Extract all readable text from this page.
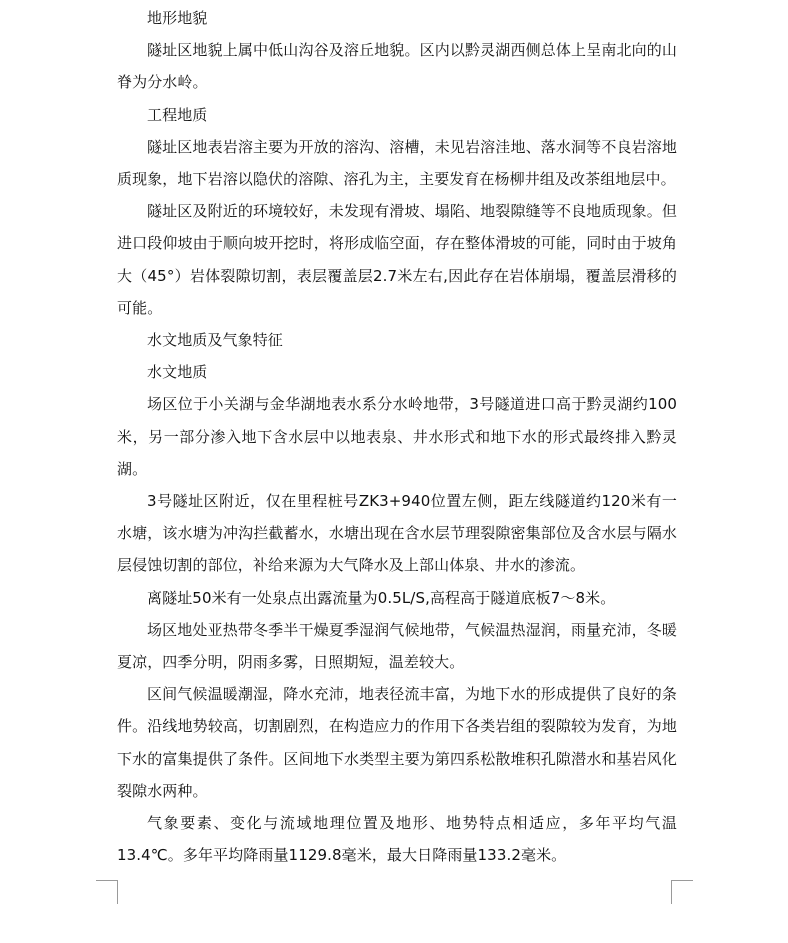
地形地貌

隧址区地貌上属中低山沟谷及溶丘地貌。区内以黔灵湖西侧总体上呈南北向的山脊为分水岭。

工程地质

隧址区地表岩溶主要为开放的溶沟、溶槽，未见岩溶洼地、落水洞等不良岩溶地质现象，地下岩溶以隐伏的溶隙、溶孔为主，主要发育在杨柳井组及改茶组地层中。

隧址区及附近的环境较好，未发现有滑坡、塌陷、地裂隙缝等不良地质现象。但进口段仰坡由于顺向坡开挖时，将形成临空面，存在整体滑坡的可能，同时由于坡角大（45°）岩体裂隙切割，表层覆盖层2.7米左右,因此存在岩体崩塌，覆盖层滑移的可能。

水文地质及气象特征

水文地质

场区位于小关湖与金华湖地表水系分水岭地带，3号隧道进口高于黔灵湖约100米，另一部分渗入地下含水层中以地表泉、井水形式和地下水的形式最终排入黔灵湖。

3号隧址区附近，仅在里程桩号ZK3+940位置左侧，距左线隧道约120米有一水塘，该水塘为冲沟拦截蓄水，水塘出现在含水层节理裂隙密集部位及含水层与隔水层侵蚀切割的部位，补给来源为大气降水及上部山体泉、井水的渗流。

离隧址50米有一处泉点出露流量为0.5L/S,高程高于隧道底板7～8米。

场区地处亚热带冬季半干燥夏季湿润气候地带，气候温热湿润，雨量充沛，冬暖夏凉，四季分明，阴雨多雾，日照期短，温差较大。

区间气候温暖潮湿，降水充沛，地表径流丰富，为地下水的形成提供了良好的条件。沿线地势较高，切割剧烈，在构造应力的作用下各类岩组的裂隙较为发育，为地下水的富集提供了条件。区间地下水类型主要为第四系松散堆积孔隙潜水和基岩风化裂隙水两种。

气象要素、变化与流域地理位置及地形、地势特点相适应，多年平均气温13.4℃。多年平均降雨量1129.8毫米，最大日降雨量133.2毫米。
